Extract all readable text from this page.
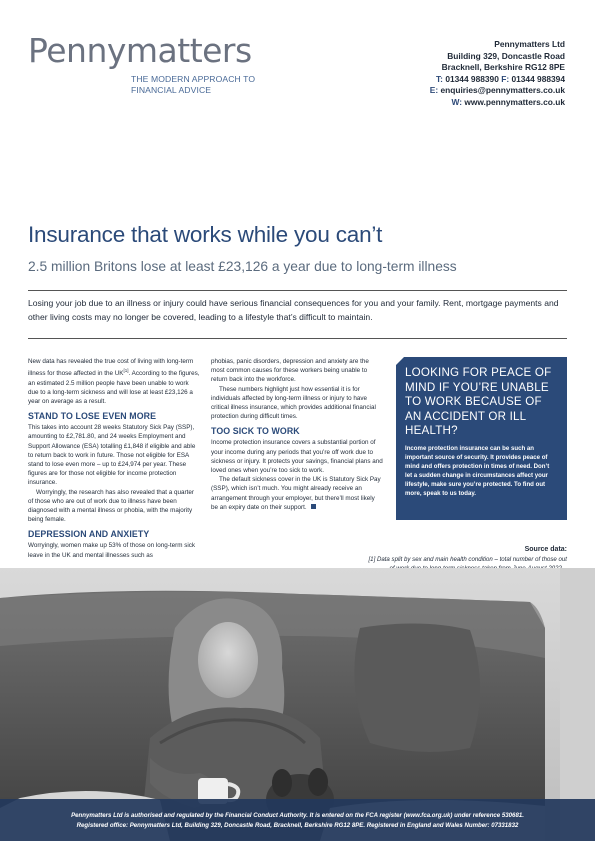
Pennymatters
THE MODERN APPROACH TO
FINANCIAL ADVICE
Pennymatters Ltd
Building 329, Doncastle Road
Bracknell, Berkshire RG12 8PE
T: 01344 988390 F: 01344 988394
E: enquiries@pennymatters.co.uk
W: www.pennymatters.co.uk
Insurance that works while you can’t
2.5 million Britons lose at least £23,126 a year due to long-term illness
Losing your job due to an illness or injury could have serious financial consequences for you and your family. Rent, mortgage payments and other living costs may no longer be covered, leading to a lifestyle that’s difficult to maintain.

New data has revealed the true cost of living with long-term illness for those affected in the UK[1]. According to the figures, an estimated 2.5 million people have been unable to work due to a long-term sickness and will lose at least £23,126 a year on average as a result.

STAND TO LOSE EVEN MORE

This takes into account 28 weeks Statutory Sick Pay (SSP), amounting to £2,781.80, and 24 weeks Employment and Support Allowance (ESA) totalling £1,848 if eligible and able to return back to work in future. Those not eligible for ESA stand to lose even more – up to £24,974 per year. These figures are for those not eligible for income protection insurance.

Worryingly, the research has also revealed that a quarter of those who are out of work due to illness have been diagnosed with a mental illness or phobia, with the majority being female.

DEPRESSION AND ANXIETY

Worryingly, women make up 53% of those on long-term sick leave in the UK and mental illnesses such as

phobias, panic disorders, depression and anxiety are the most common causes for these workers being unable to return back into the workforce.

These numbers highlight just how essential it is for individuals affected by long-term illness or injury to have critical illness insurance, which provides additional financial protection during difficult times.

TOO SICK TO WORK

Income protection insurance covers a substantial portion of your income during any periods that you’re off work due to sickness or injury. It protects your savings, financial plans and loved ones when you’re too sick to work.

The default sickness cover in the UK is Statutory Sick Pay (SSP), which isn’t much. You might already receive an arrangement through your employer, but there’ll most likely be an expiry date on their support.

LOOKING FOR PEACE OF MIND IF YOU’RE UNABLE TO WORK BECAUSE OF AN ACCIDENT OR ILL HEALTH?
Income protection insurance can be such an important source of security. It provides peace of mind and offers protection in times of need. Don’t let a sudden change in circumstances affect your lifestyle, make sure you’re protected. To find out more, speak to us today.
Source data:
[1] Data split by sex and main health condition – total number of those out
Pennymatters Ltd is authorised and regulated by the Financial Conduct Authority. It is entered on the FCA register (www.fca.org.uk) under reference 530681.
Registered office: Pennymatters Ltd, Building 329, Doncastle Road, Bracknell, Berkshire RG12 8PE. Registered in England and Wales Number: 07331832
